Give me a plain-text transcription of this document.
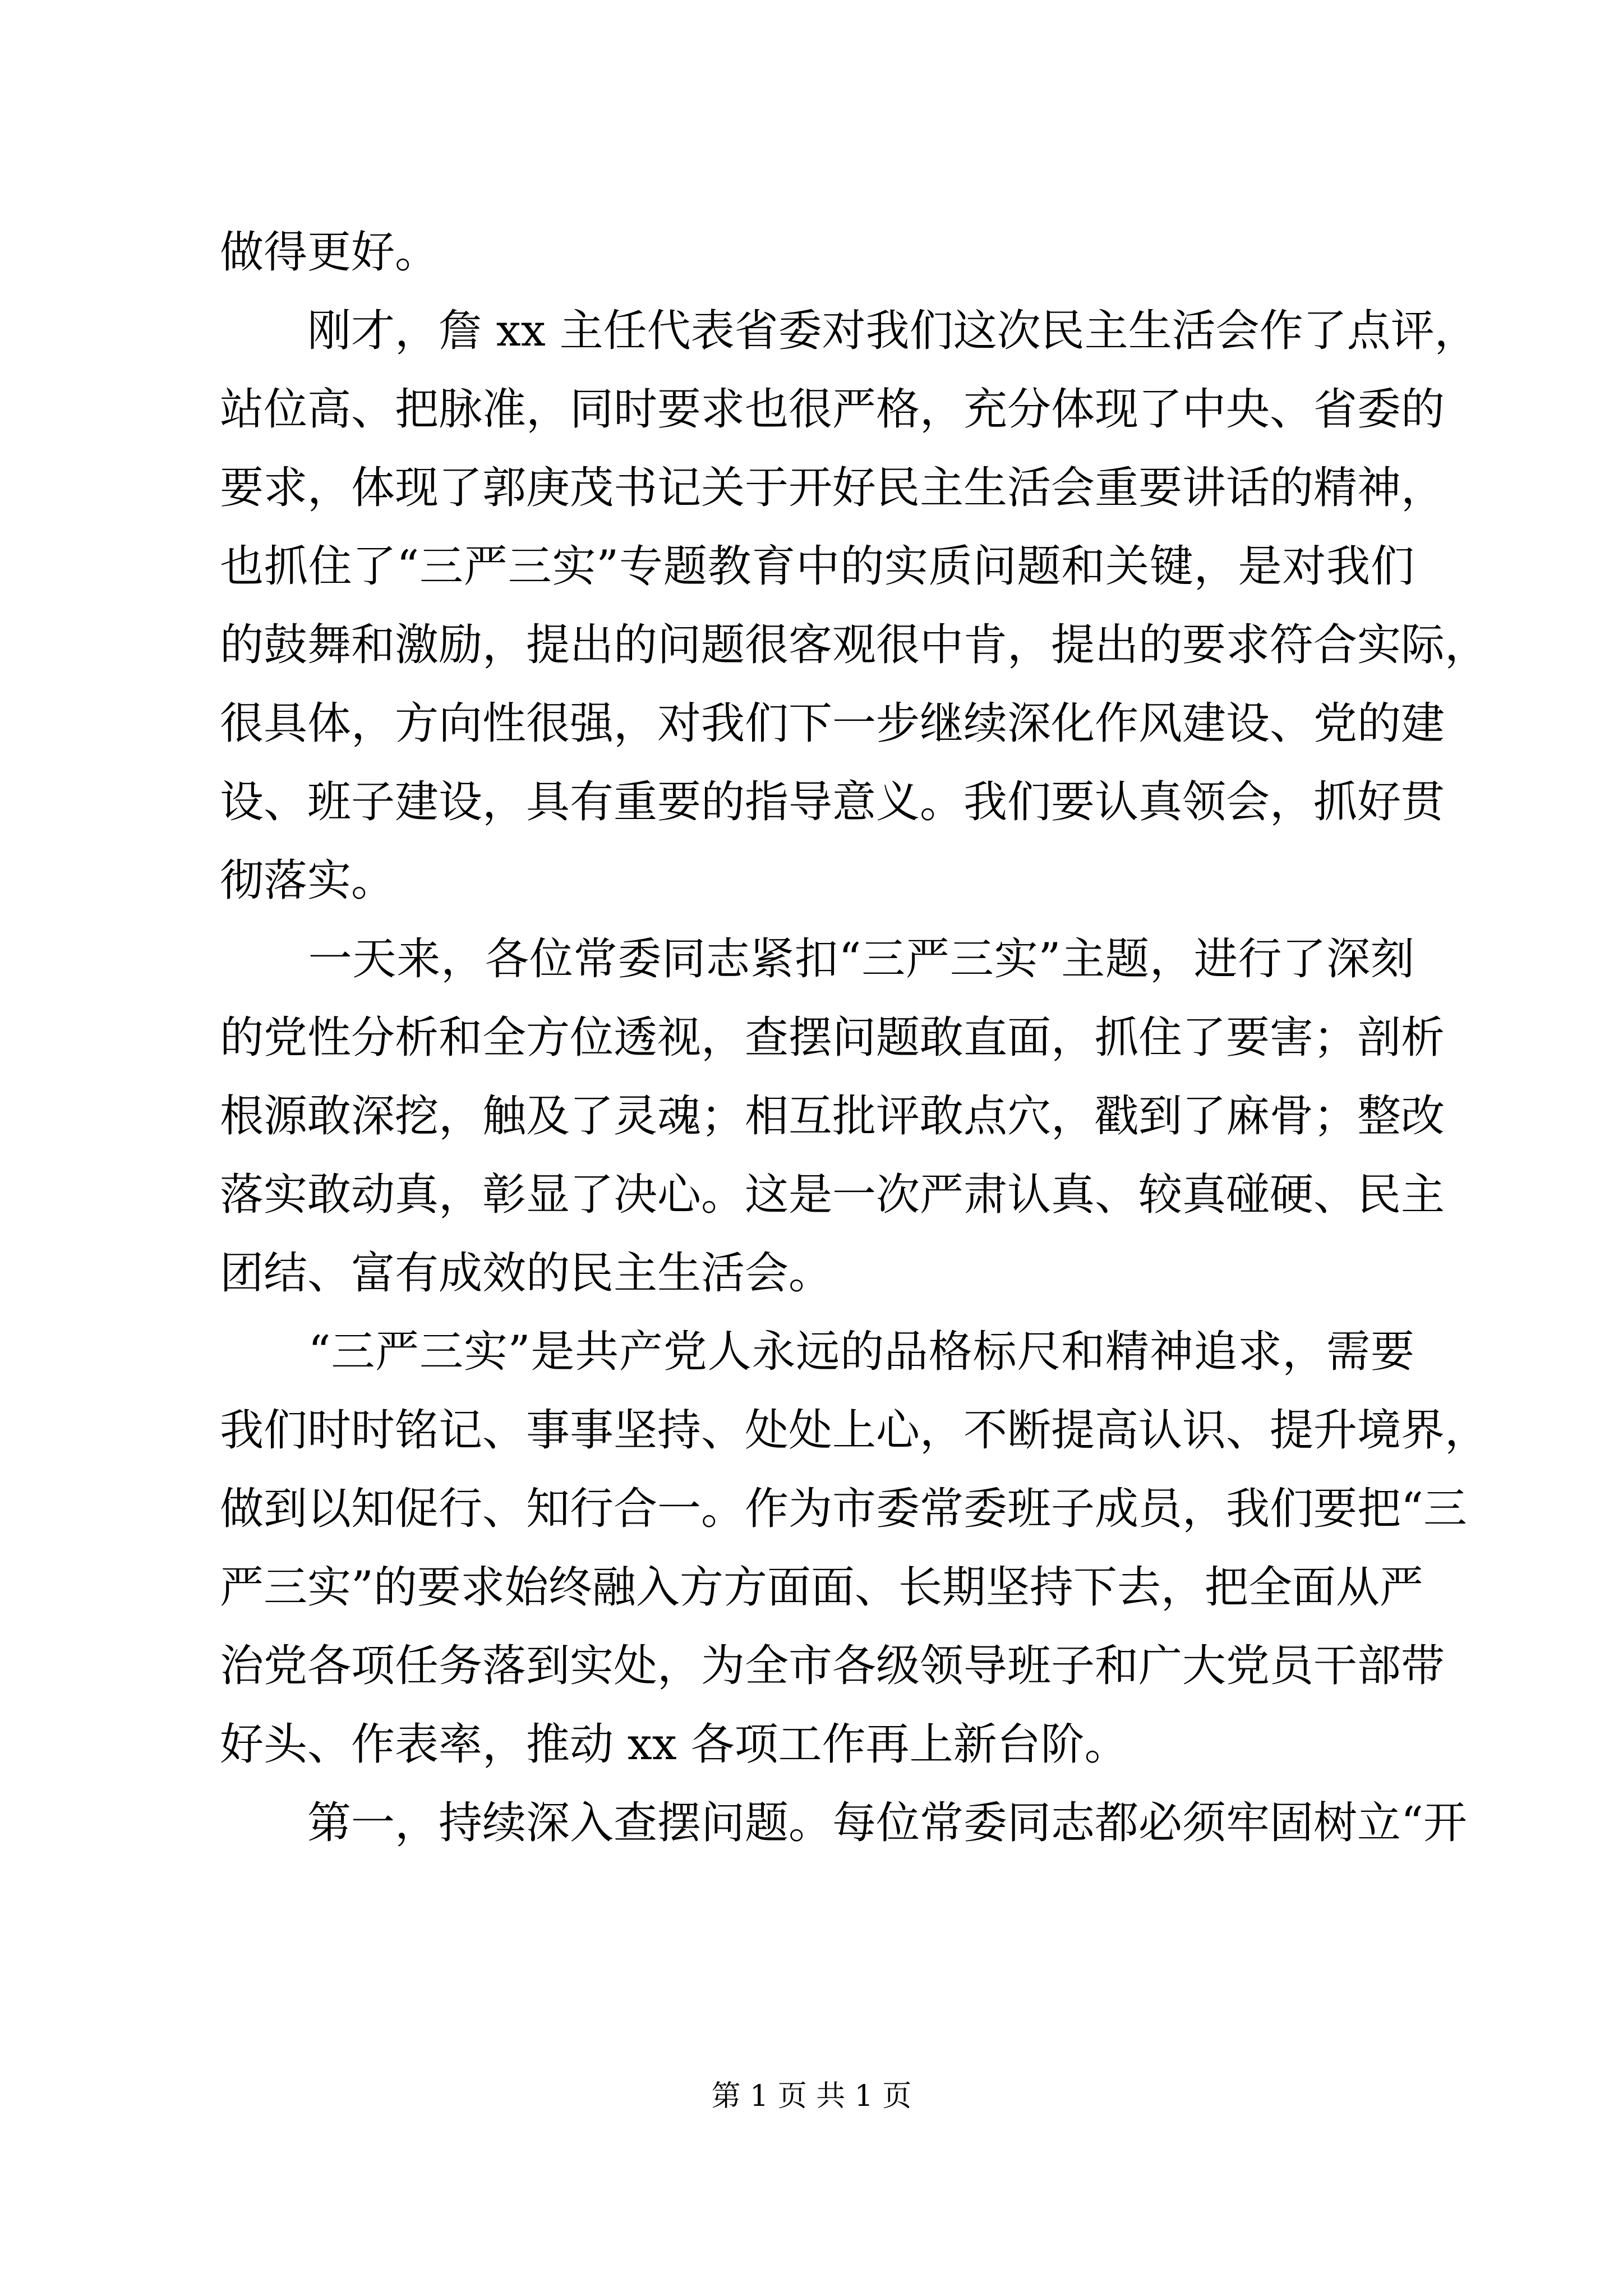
做得更好。
　　刚才，詹 xx 主任代表省委对我们这次民主生活会作了点评，
站位高、把脉准，同时要求也很严格，充分体现了中央、省委的
要求，体现了郭庚茂书记关于开好民主生活会重要讲话的精神，
也抓住了“三严三实”专题教育中的实质问题和关键，是对我们
的鼓舞和激励，提出的问题很客观很中肯，提出的要求符合实际，
很具体，方向性很强，对我们下一步继续深化作风建设、党的建
设、班子建设，具有重要的指导意义。我们要认真领会，抓好贯
彻落实。
　　一天来，各位常委同志紧扣“三严三实”主题，进行了深刻
的党性分析和全方位透视，查摆问题敢直面，抓住了要害；剖析
根源敢深挖，触及了灵魂；相互批评敢点穴，戳到了麻骨；整改
落实敢动真，彰显了决心。这是一次严肃认真、较真碰硬、民主
团结、富有成效的民主生活会。
　　“三严三实”是共产党人永远的品格标尺和精神追求，需要
我们时时铭记、事事坚持、处处上心，不断提高认识、提升境界，
做到以知促行、知行合一。作为市委常委班子成员，我们要把“三
严三实”的要求始终融入方方面面、长期坚持下去，把全面从严
治党各项任务落到实处，为全市各级领导班子和广大党员干部带
好头、作表率，推动 xx 各项工作再上新台阶。
　　第一，持续深入查摆问题。每位常委同志都必须牢固树立“开
第 1 页 共 1 页
